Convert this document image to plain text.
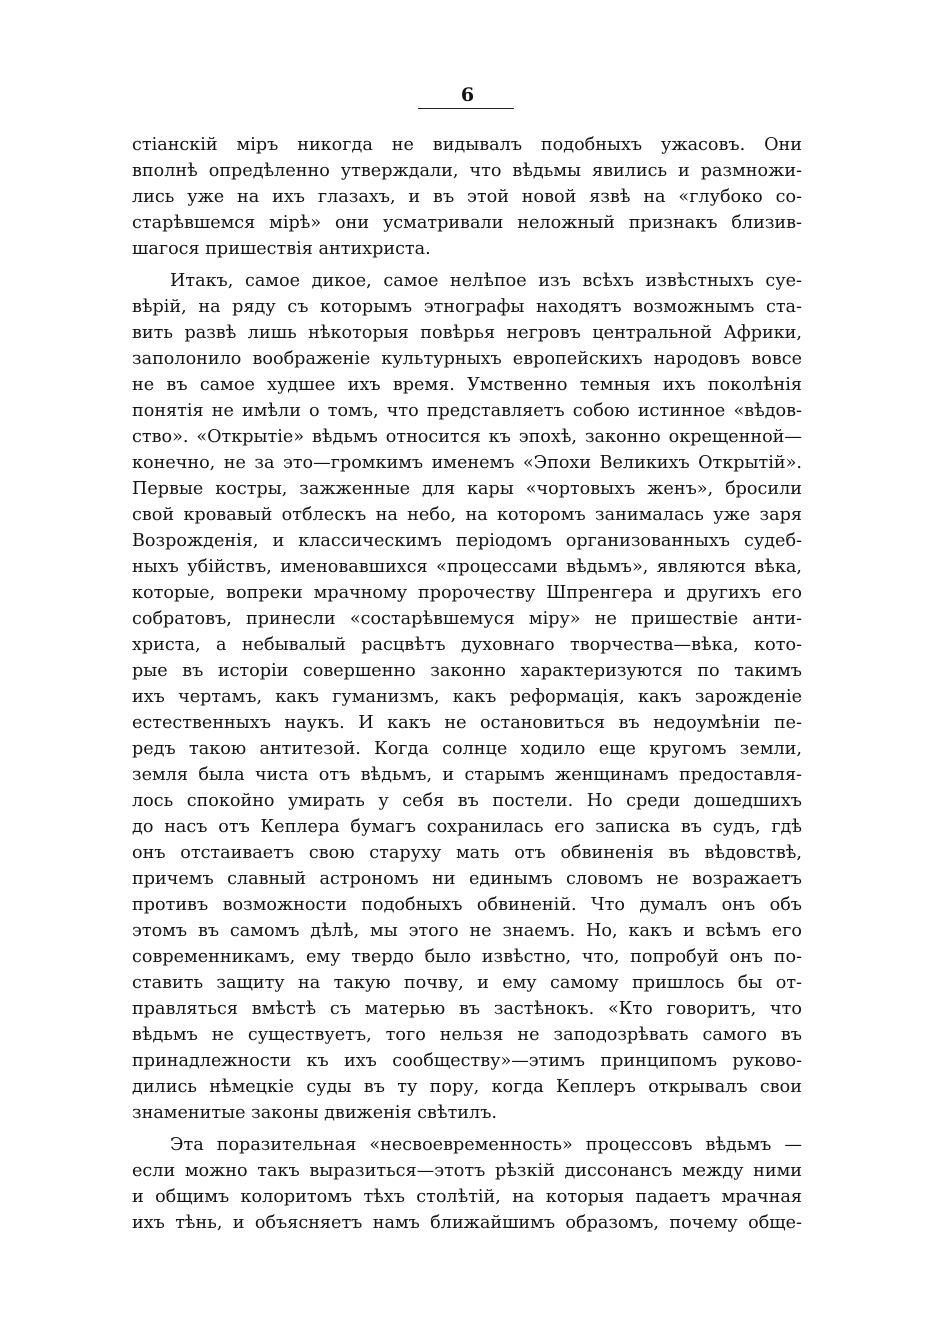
6
стіанскій міръ никогда не видывалъ подобныхъ ужасовъ. Они
вполнѣ опредѣленно утверждали, что вѣдьмы явились и размножи-
лись уже на ихъ глазахъ, и въ этой новой язвѣ на «глубоко со-
старѣвшемся мірѣ» они усматривали неложный признакъ близив-
шагося пришествія антихриста.
Итакъ, самое дикое, самое нелѣпое изъ всѣхъ извѣстныхъ суе-
вѣрій, на ряду съ которымъ этнографы находятъ возможнымъ ста-
вить развѣ лишь нѣкоторыя повѣрья негровъ центральной Африки,
заполонило воображеніе культурныхъ европейскихъ народовъ вовсе
не въ самое худшее ихъ время. Умственно темныя ихъ поколѣнія
понятія не имѣли о томъ, что представляетъ собою истинное «вѣдов-
ство». «Открытіе» вѣдьмъ относится къ эпохѣ, законно окрещенной—
конечно, не за это—громкимъ именемъ «Эпохи Великихъ Открытій».
Первые костры, зажженные для кары «чортовыхъ женъ», бросили
свой кровавый отблескъ на небо, на которомъ занималась уже заря
Возрожденія, и классическимъ періодомъ организованныхъ судеб-
ныхъ убійствъ, именовавшихся «процессами вѣдьмъ», являются вѣка,
которые, вопреки мрачному пророчеству Шпренгера и другихъ его
собратовъ, принесли «состарѣвшемуся міру» не пришествіе анти-
христа, а небывалый расцвѣтъ духовнаго творчества—вѣка, кото-
рые въ исторіи совершенно законно характеризуются по такимъ
ихъ чертамъ, какъ гуманизмъ, какъ реформація, какъ зарожденіе
естественныхъ наукъ. И какъ не остановиться въ недоумѣніи пе-
редъ такою антитезой. Когда солнце ходило еще кругомъ земли,
земля была чиста отъ вѣдьмъ, и старымъ женщинамъ предоставля-
лось спокойно умирать у себя въ постели. Но среди дошедшихъ
до насъ отъ Кеплера бумагъ сохранилась его записка въ судъ, гдѣ
онъ отстаиваетъ свою старуху мать отъ обвиненія въ вѣдовствѣ,
причемъ славный астрономъ ни единымъ словомъ не возражаетъ
противъ возможности подобныхъ обвиненій. Что думалъ онъ объ
этомъ въ самомъ дѣлѣ, мы этого не знаемъ. Но, какъ и всѣмъ его
современникамъ, ему твердо было извѣстно, что, попробуй онъ по-
ставить защиту на такую почву, и ему самому пришлось бы от-
правляться вмѣстѣ съ матерью въ застѣнокъ. «Кто говоритъ, что
вѣдьмъ не существуетъ, того нельзя не заподозрѣвать самого въ
принадлежности къ ихъ сообществу»—этимъ принципомъ руково-
дились нѣмецкіе суды въ ту пору, когда Кеплеръ открывалъ свои
знаменитые законы движенія свѣтилъ.
Эта поразительная «несвоевременность» процессовъ вѣдьмъ —
если можно такъ выразиться—этотъ рѣзкій диссонансъ между ними
и общимъ колоритомъ тѣхъ столѣтій, на которыя падаетъ мрачная
ихъ тѣнь, и объясняетъ намъ ближайшимъ образомъ, почему обще-
